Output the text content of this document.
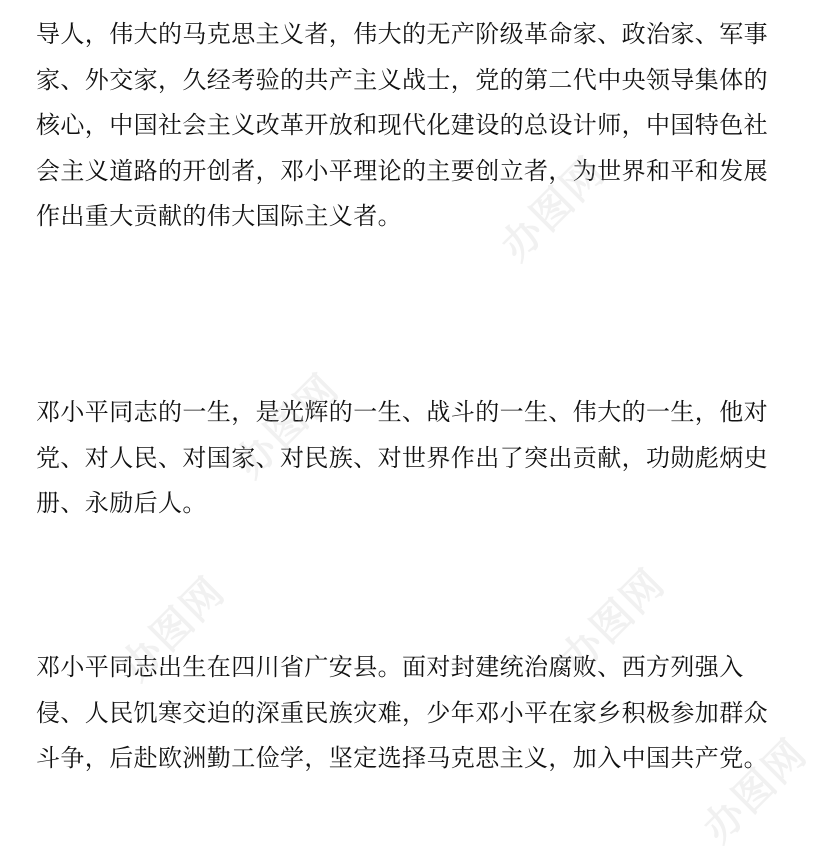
导人，伟大的马克思主义者，伟大的无产阶级革命家、政治家、军事家、外交家，久经考验的共产主义战士，党的第二代中央领导集体的核心，中国社会主义改革开放和现代化建设的总设计师，中国特色社会主义道路的开创者，邓小平理论的主要创立者，为世界和平和发展作出重大贡献的伟大国际主义者。

邓小平同志的一生，是光辉的一生、战斗的一生、伟大的一生，他对党、对人民、对国家、对民族、对世界作出了突出贡献，功勋彪炳史册、永励后人。

邓小平同志出生在四川省广安县。面对封建统治腐败、西方列强入侵、人民饥寒交迫的深重民族灾难，少年邓小平在家乡积极参加群众斗争，后赴欧洲勤工俭学，坚定选择马克思主义，加入中国共产党。

办图网
办图网
办图网	办图网
办图网
